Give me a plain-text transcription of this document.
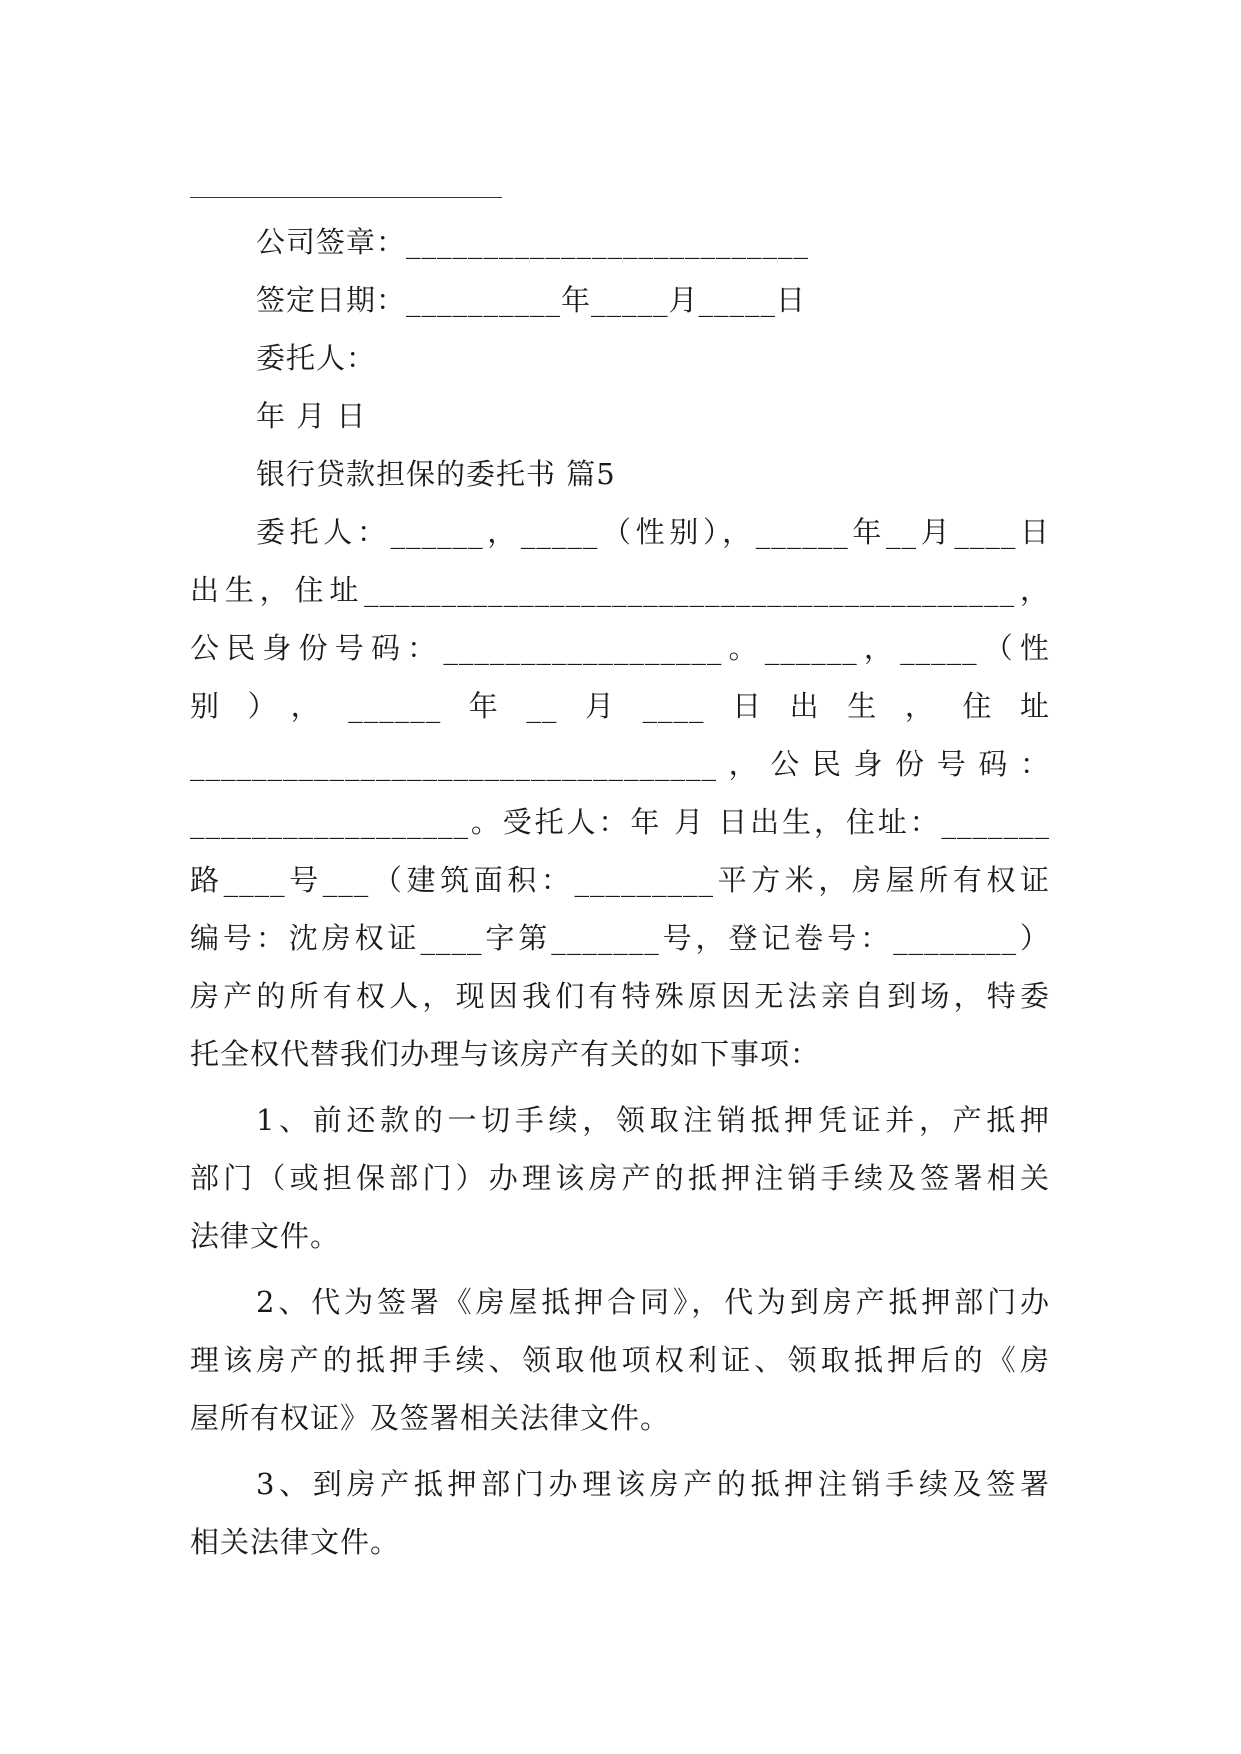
公司签章：__________________________
签定日期：__________年_____月_____日
委托人：
年 月 日
银行贷款担保的委托书 篇5
委托人：______，_____（性别），______年__月____日
出生，住址__________________________________________，
公民身份号码：__________________。______，_____（性
别），______年__月____日出生，住址
__________________________________，公民身份号码：
__________________。受托人：年 月 日出生，住址：_______
路____号___（建筑面积：_________平方米，房屋所有权证
编号：沈房权证____字第_______号，登记卷号：________）
房产的所有权人，现因我们有特殊原因无法亲自到场，特委
托全权代替我们办理与该房产有关的如下事项：
1、前还款的一切手续，领取注销抵押凭证并，产抵押
部门（或担保部门）办理该房产的抵押注销手续及签署相关
法律文件。
2、代为签署《房屋抵押合同》，代为到房产抵押部门办
理该房产的抵押手续、领取他项权利证、领取抵押后的《房
屋所有权证》及签署相关法律文件。
3、到房产抵押部门办理该房产的抵押注销手续及签署
相关法律文件。
